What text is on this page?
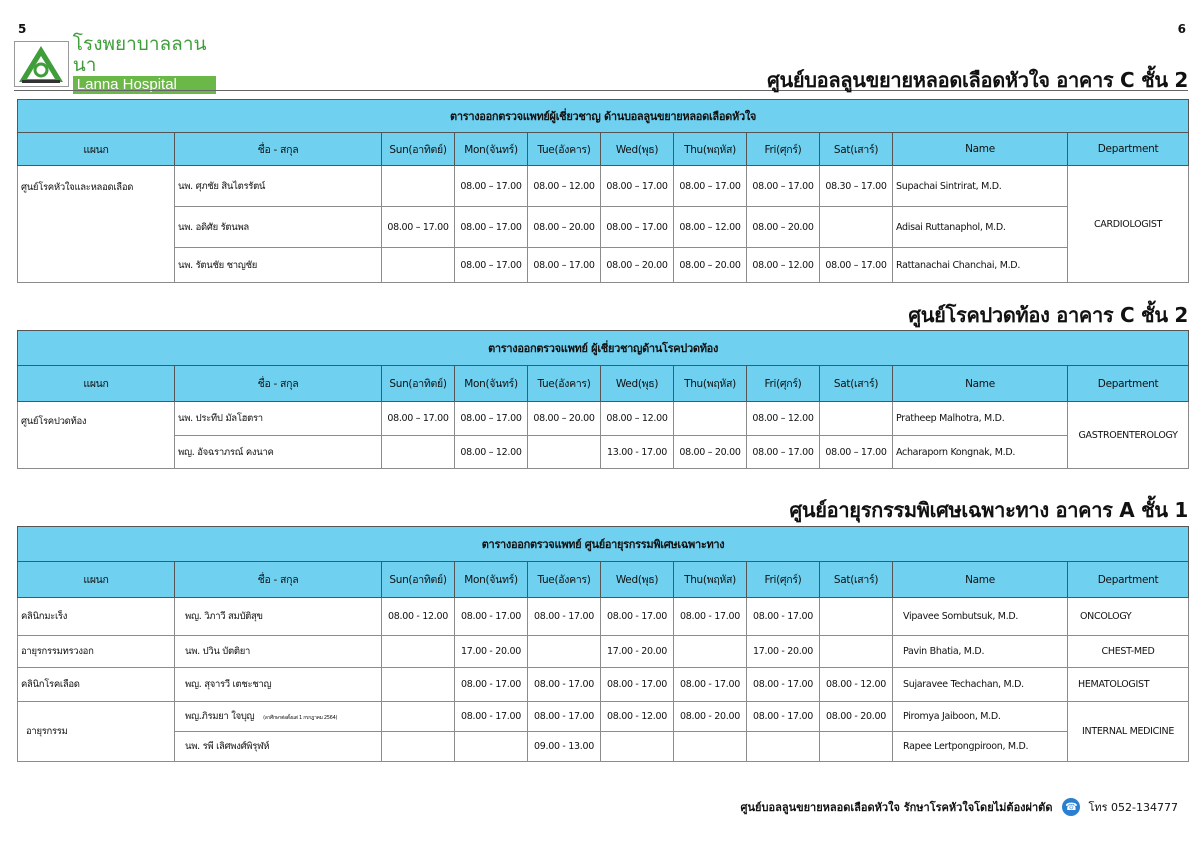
5	6
โรงพยาบาลลานนา
Lanna Hospital	ศูนย์บอลลูนขยายหลอดเลือดหัวใจ อาคาร C ชั้น 2
ตารางออกตรวจแพทย์ผู้เชี่ยวชาญ ด้านบอลลูนขยายหลอดเลือดหัวใจ										
แผนก	ชื่อ - สกุล	Sun(อาทิตย์)	Mon(จันทร์)	Tue(อังคาร)	Wed(พุธ)	Thu(พฤหัส)	Fri(ศุกร์)	Sat(เสาร์)	Name	Department
ศูนย์โรคหัวใจและหลอดเลือด	นพ. ศุภชัย สินไตรรัตน์		08.00 – 17.00	08.00 – 12.00	08.00 – 17.00	08.00 – 17.00	08.00 – 17.00	08.30 – 17.00	Supachai Sintrirat, M.D.	CARDIOLOGIST
	นพ. อดิศัย รัตนพล	08.00 – 17.00	08.00 – 17.00	08.00 – 20.00	08.00 – 17.00	08.00 – 12.00	08.00 – 20.00		Adisai Ruttanaphol, M.D.	
	นพ. รัตนชัย ชาญชัย		08.00 – 17.00	08.00 – 17.00	08.00 – 20.00	08.00 – 20.00	08.00 – 12.00	08.00 – 17.00	Rattanachai Chanchai, M.D.	
ศูนย์โรคปวดท้อง อาคาร C ชั้น 2
ตารางออกตรวจแพทย์ ผู้เชี่ยวชาญด้านโรคปวดท้อง										
แผนก	ชื่อ - สกุล	Sun(อาทิตย์)	Mon(จันทร์)	Tue(อังคาร)	Wed(พุธ)	Thu(พฤหัส)	Fri(ศุกร์)	Sat(เสาร์)	Name	Department
ศูนย์โรคปวดท้อง	นพ. ประทีป มัลโฮตรา	08.00 – 17.00	08.00 – 17.00	08.00 – 20.00	08.00 – 12.00		08.00 – 12.00		Pratheep Malhotra, M.D.	GASTROENTEROLOGY
	พญ. อัจฉราภรณ์ คงนาค		08.00 – 12.00		13.00 - 17.00	08.00 – 20.00	08.00 – 17.00	08.00 – 17.00	Acharaporn Kongnak, M.D.	
ศูนย์อายุรกรรมพิเศษเฉพาะทาง อาคาร A ชั้น 1
ตารางออกตรวจแพทย์ ศูนย์อายุรกรรมพิเศษเฉพาะทาง										
แผนก	ชื่อ - สกุล	Sun(อาทิตย์)	Mon(จันทร์)	Tue(อังคาร)	Wed(พุธ)	Thu(พฤหัส)	Fri(ศุกร์)	Sat(เสาร์)	Name	Department
คลินิกมะเร็ง	พญ. วิภาวี สมบัติสุข	08.00 - 12.00	08.00 - 17.00	08.00 - 17.00	08.00 - 17.00	08.00 - 17.00	08.00 - 17.00		Vipavee Sombutsuk, M.D.	ONCOLOGY
อายุรกรรมทรวงอก	นพ. ปวิน บัตติยา		17.00 - 20.00		17.00 - 20.00		17.00 - 20.00		Pavin Bhatia, M.D.	CHEST-MED
คลินิกโรคเลือด	พญ. สุจารวี เตชะชาญ		08.00 - 17.00	08.00 - 17.00	08.00 - 17.00	08.00 - 17.00	08.00 - 17.00	08.00 - 12.00	Sujaravee Techachan, M.D.	HEMATOLOGIST
อายุรกรรม	พญ.ภิรมยา ใจบุญ (ลาศึกษาต่อตั้งแต่ 1 กรกฎาคม 2564)		08.00 - 17.00	08.00 - 17.00	08.00 - 12.00	08.00 - 20.00	08.00 - 17.00	08.00 - 20.00	Piromya Jaiboon, M.D.	INTERNAL MEDICINE
	นพ. รพี เลิศพงศ์พิรุฬห์			09.00 - 13.00					Rapee Lertpongpiroon, M.D.	
ศูนย์บอลลูนขยายหลอดเลือดหัวใจ รักษาโรคหัวใจโดยไม่ต้องผ่าตัด ☎ โทร 052-134777
